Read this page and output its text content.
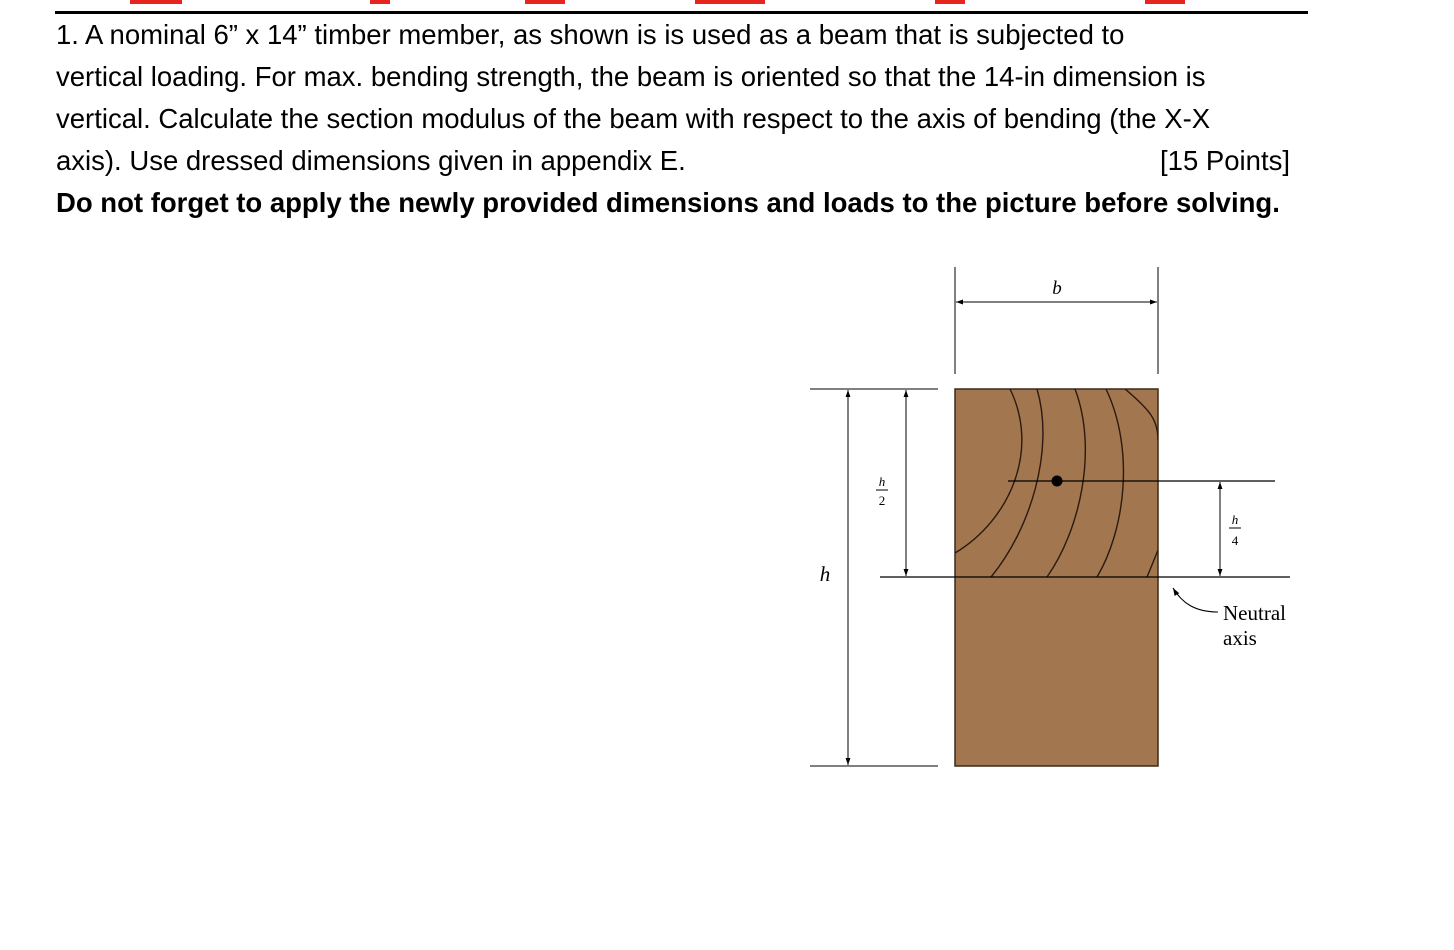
1. A nominal 6” x 14” timber member, as shown is is used as a beam that is subjected to

vertical loading. For max. bending strength, the beam is oriented so that the 14-in dimension is

vertical. Calculate the section modulus of the beam with respect to the axis of bending (the X-X

axis). Use dressed dimensions given in appendix E.	[15 Points]

Do not forget to apply the newly provided dimensions and loads to the picture before solving.

b
h
h
2
h
4
Neutral
axis
